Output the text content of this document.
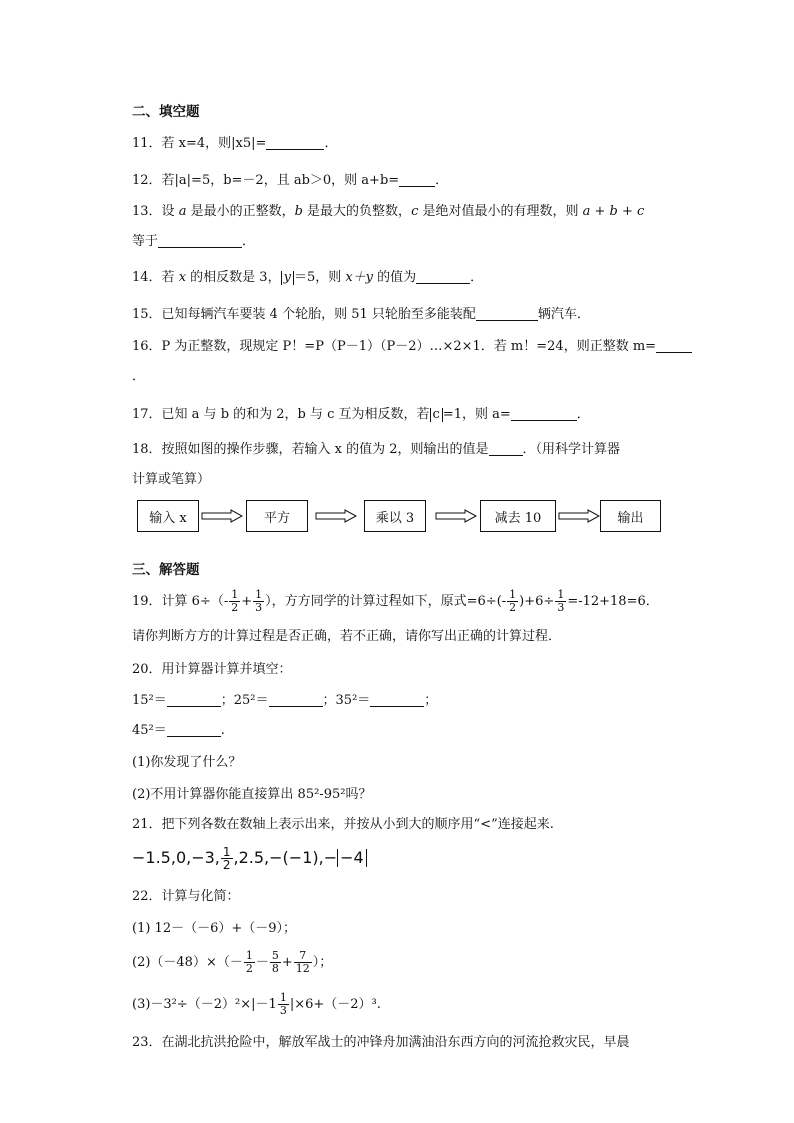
二、填空题
11．若 x=4，则|x5|=	．
12．若|a|=5，b=－2，且 ab＞0，则 a+b=	．
13．设 a 是最小的正整数，b 是最大的负整数，c 是绝对值最小的有理数，则 a + b + c
等于	．
14．若 x 的相反数是 3， y ＝5，则 x＋y 的值为	．
15．已知每辆汽车要装 4 个轮胎，则 51 只轮胎至多能装配	辆汽车．
16．P 为正整数，现规定 P！=P（P－1）（P－2）…×2×1．若 m！=24，则正整数 m=
．
17．已知 a 与 b 的和为 2，b 与 c 互为相反数，若 c =1，则 a=	．
18．按照如图的操作步骤，若输入 x 的值为 2，则输出的值是	．（用科学计算器
计算或笔算）
输入 x	平方	乘以 3	减去 10	输出
三、解答题
19．计算 $6\div(- \frac{1}{2} + \frac{1}{3}$ ），方方同学的计算过程如下，原式$=6\div(- \frac{1}{2} )+6\div \frac{1}{3} =-12+18=6$．
请你判断方方的计算过程是否正确，若不正确，请你写出正确的计算过程．
20．用计算器计算并填空：
15²＝	；25²＝	；35²＝	；
45²＝	.
(1)你发现了什么？
(2)不用计算器你能直接算出 85²-95²吗？
21．把下列各数在数轴上表示出来，并按从小到大的顺序用“<”连接起来.
−1.5,0,−3, $\frac{1}{2} ,2.5,-(-1),- -4$
22．计算与化简：
(1) 12－（－6）+（－9）；
$(2)(-48)\times(- \frac{1}{2} - \frac{5}{8} + \frac{7}{12}$ ）；
$(3)-3^2\div(-2)^2\times|-1 \frac{1}{3} |\times 6+(-2)^3$.
23．在湖北抗洪抢险中，解放军战士的冲锋舟加满油沿东西方向的河流抢救灾民，早晨
